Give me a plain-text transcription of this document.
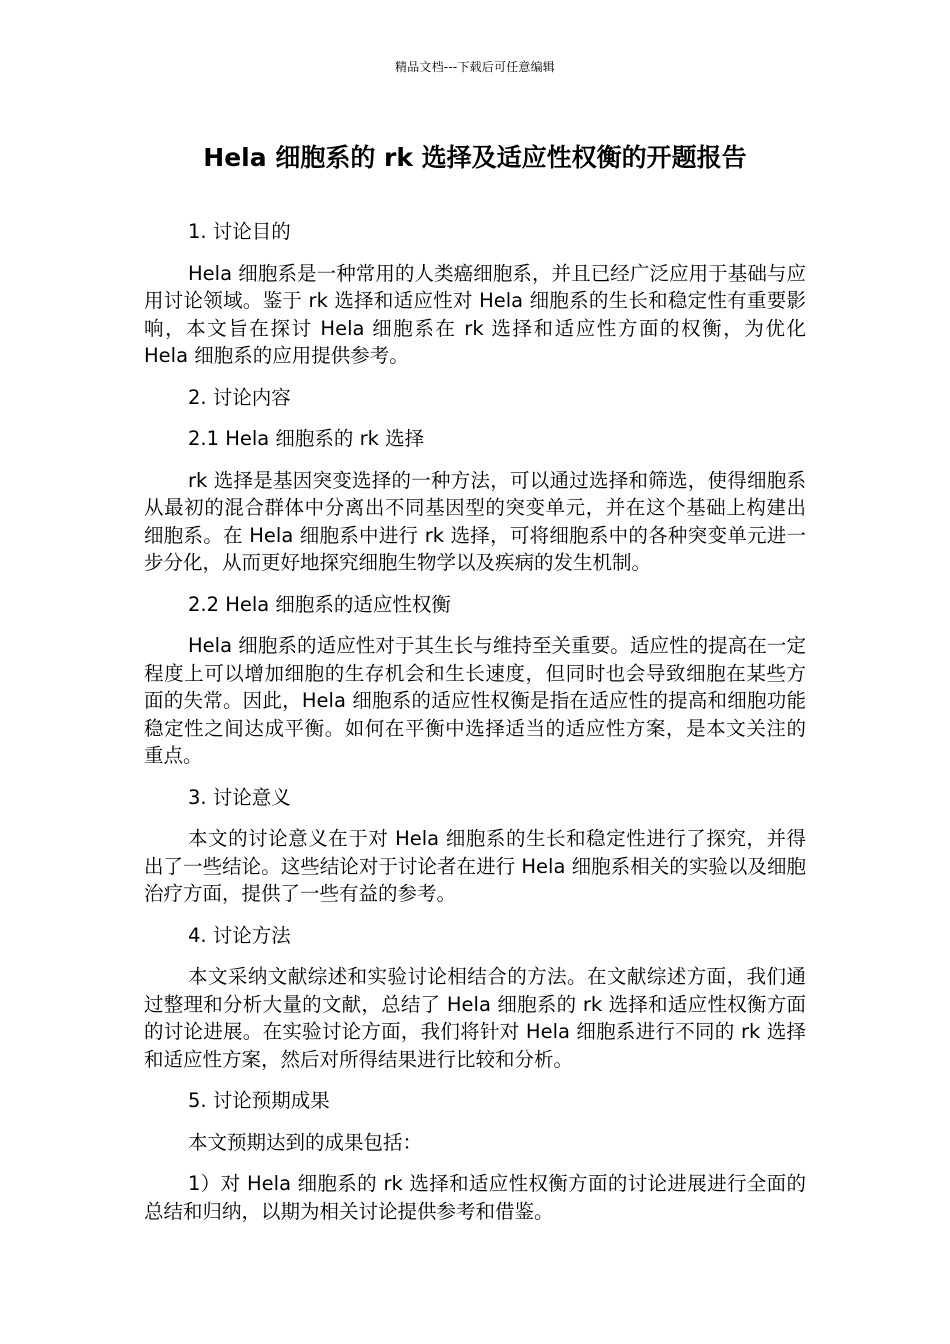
精品文档---下载后可任意编辑
Hela 细胞系的 rk 选择及适应性权衡的开题报告

1. 讨论目的

Hela 细胞系是一种常用的人类癌细胞系，并且已经广泛应用于基础与应用讨论领域。鉴于 rk 选择和适应性对 Hela 细胞系的生长和稳定性有重要影响，本文旨在探讨 Hela 细胞系在 rk 选择和适应性方面的权衡，为优化 Hela 细胞系的应用提供参考。

2. 讨论内容

2.1 Hela 细胞系的 rk 选择

rk 选择是基因突变选择的一种方法，可以通过选择和筛选，使得细胞系从最初的混合群体中分离出不同基因型的突变单元，并在这个基础上构建出细胞系。在 Hela 细胞系中进行 rk 选择，可将细胞系中的各种突变单元进一步分化，从而更好地探究细胞生物学以及疾病的发生机制。

2.2 Hela 细胞系的适应性权衡

Hela 细胞系的适应性对于其生长与维持至关重要。适应性的提高在一定程度上可以增加细胞的生存机会和生长速度，但同时也会导致细胞在某些方面的失常。因此，Hela 细胞系的适应性权衡是指在适应性的提高和细胞功能稳定性之间达成平衡。如何在平衡中选择适当的适应性方案，是本文关注的重点。

3. 讨论意义

本文的讨论意义在于对 Hela 细胞系的生长和稳定性进行了探究，并得出了一些结论。这些结论对于讨论者在进行 Hela 细胞系相关的实验以及细胞治疗方面，提供了一些有益的参考。

4. 讨论方法

本文采纳文献综述和实验讨论相结合的方法。在文献综述方面，我们通过整理和分析大量的文献，总结了 Hela 细胞系的 rk 选择和适应性权衡方面的讨论进展。在实验讨论方面，我们将针对 Hela 细胞系进行不同的 rk 选择和适应性方案，然后对所得结果进行比较和分析。

5. 讨论预期成果

本文预期达到的成果包括：

1）对 Hela 细胞系的 rk 选择和适应性权衡方面的讨论进展进行全面的总结和归纳，以期为相关讨论提供参考和借鉴。
